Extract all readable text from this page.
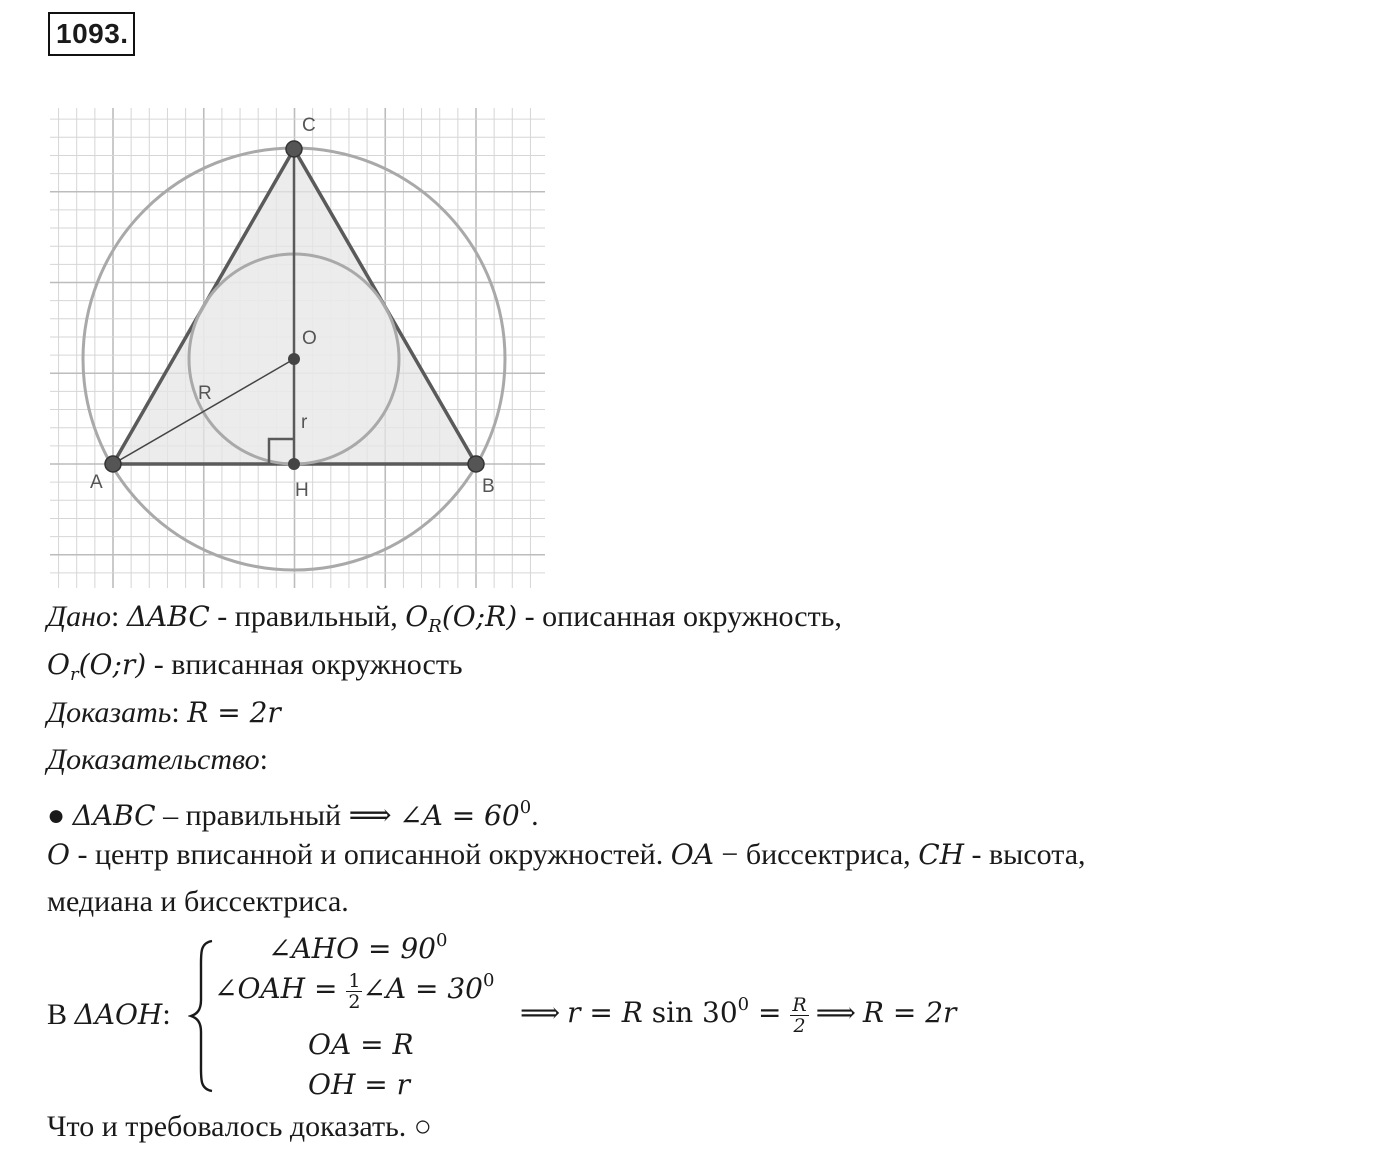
1093.
C
O
R
r
A	H	B
Дано: ΔABC - правильный, $O_R(O;R)$ - описанная окружность,
$O_r(O;r)$ - вписанная окружность
Доказать: R = 2r
Доказательство:
● ΔABC – правильный ⟹ ∠A = $60^0$.
O - центр вписанной и описанной окружностей. OA − биссектриса, CH - высота,
медиана и биссектриса.
В ΔAOH:
∠AHO = $90^0$
∠OAH = $\frac{1}{2}$ ∠A = $30^0$
OA = R
OH = r
⟹ r = R $\sin 30^0 = \frac{R}{2}$ ⟹ R = 2r
Что и требовалось доказать. ○
